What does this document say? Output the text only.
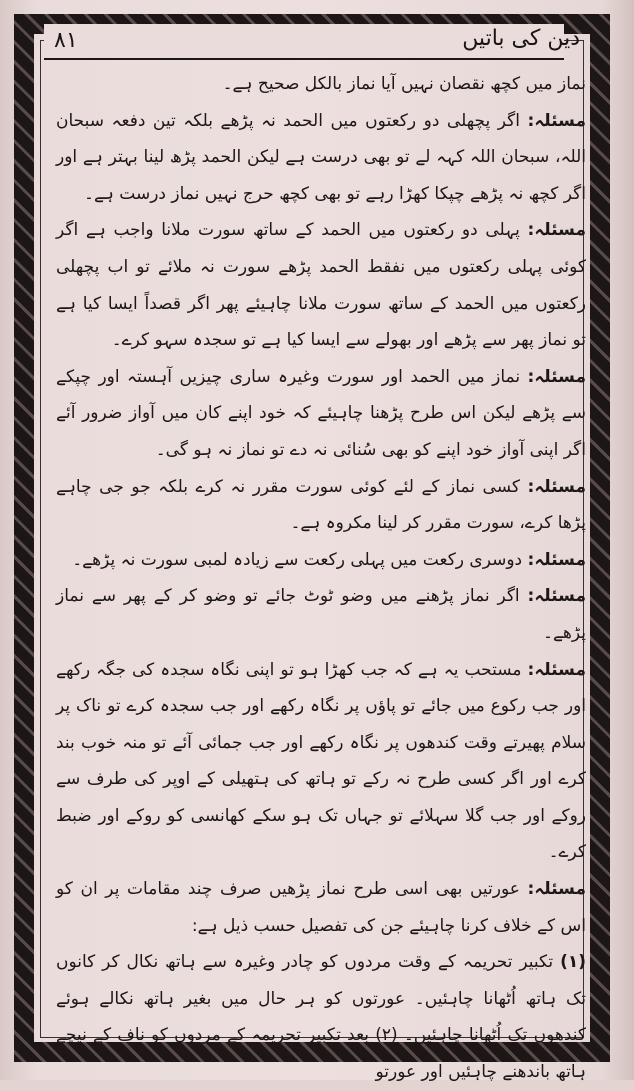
٨١	دین کی باتیں

نماز میں کچھ نقصان نہیں آیا نماز بالکل صحیح ہے۔

مسئلہ: اگر پچھلی دو رکعتوں میں الحمد نہ پڑھے بلکہ تین دفعہ سبحان اللہ، سبحان اللہ کہہ لے تو بھی درست ہے لیکن الحمد پڑھ لینا بہتر ہے اور اگر کچھ نہ پڑھے چپکا کھڑا رہے تو بھی کچھ حرج نہیں نماز درست ہے۔

مسئلہ: پہلی دو رکعتوں میں الحمد کے ساتھ سورت ملانا واجب ہے اگر کوئی پہلی رکعتوں میں نفقط الحمد پڑھے سورت نہ ملائے تو اب پچھلی رکعتوں میں الحمد کے ساتھ سورت ملانا چاہیئے پھر اگر قصداً ایسا کیا ہے تو نماز پھر سے پڑھے اور بھولے سے ایسا کیا ہے تو سجدہ سہو کرے۔

مسئلہ: نماز میں الحمد اور سورت وغیرہ ساری چیزیں آہستہ اور چپکے سے پڑھے لیکن اس طرح پڑھنا چاہیئے کہ خود اپنے کان میں آواز ضرور آئے اگر اپنی آواز خود اپنے کو بھی سُنائی نہ دے تو نماز نہ ہو گی۔

مسئلہ: کسی نماز کے لئے کوئی سورت مقرر نہ کرے بلکہ جو جی چاہے پڑھا کرے، سورت مقرر کر لینا مکروہ ہے۔

مسئلہ: دوسری رکعت میں پہلی رکعت سے زیادہ لمبی سورت نہ پڑھے۔

مسئلہ: اگر نماز پڑھنے میں وضو ٹوٹ جائے تو وضو کر کے پھر سے نماز پڑھے۔

مسئلہ: مستحب یہ ہے کہ جب کھڑا ہو تو اپنی نگاہ سجدہ کی جگہ رکھے اور جب رکوع میں جائے تو پاؤں پر نگاہ رکھے اور جب سجدہ کرے تو ناک پر سلام پھیرتے وقت کندھوں پر نگاہ رکھے اور جب جمائی آئے تو منہ خوب بند کرے اور اگر کسی طرح نہ رکے تو ہاتھ کی ہتھیلی کے اوپر کی طرف سے روکے اور جب گلا سہلائے تو جہاں تک ہو سکے کھانسی کو روکے اور ضبط کرے۔

مسئلہ: عورتیں بھی اسی طرح نماز پڑھیں صرف چند مقامات پر ان کو اس کے خلاف کرنا چاہیئے جن کی تفصیل حسب ذیل ہے:

(۱) تکبیر تحریمہ کے وقت مردوں کو چادر وغیرہ سے ہاتھ نکال کر کانوں تک ہاتھ اُٹھانا چاہئیں۔ عورتوں کو ہر حال میں بغیر ہاتھ نکالے ہوئے کندھوں تک اُٹھانا چاہئیں۔ (۲) بعد تکبیر تحریمہ کے مردوں کو ناف کے نیچے ہاتھ باندھنے چاہئیں اور عورتو
